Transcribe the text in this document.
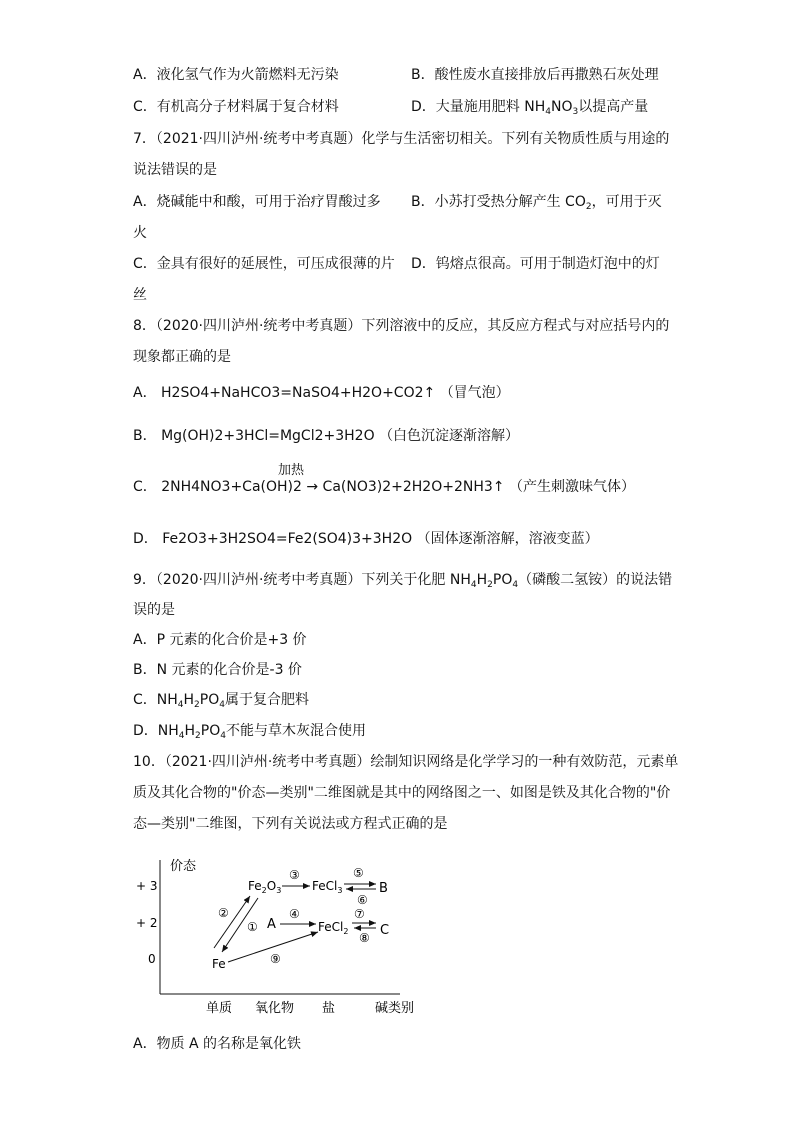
A．液化氢气作为火箭燃料无污染	B．酸性废水直接排放后再撒熟石灰处理
C．有机高分子材料属于复合材料	D．大量施用肥料 $NH_4NO_3$以提高产量
7．（2021·四川泸州·统考中考真题）化学与生活密切相关。下列有关物质性质与用途的
说法错误的是
A．烧碱能中和酸，可用于治疗胃酸过多 B．小苏打受热分解产生 $CO_2$，可用于灭
火
C．金具有很好的延展性，可压成很薄的片 D．钨熔点很高。可用于制造灯泡中的灯
丝
8．（2020·四川泸州·统考中考真题）下列溶液中的反应，其反应方程式与对应括号内的
现象都正确的是
A． H2SO4+NaHCO3=NaSO4+H2O+CO2↑ （冒气泡）
B． Mg(OH)2+3HCl=MgCl2+3H2O （白色沉淀逐渐溶解）
加热
C． 2NH4NO3+Ca(OH)2 → Ca(NO3)2+2H2O+2NH3↑ （产生刺激味气体）
D． Fe2O3+3H2SO4=Fe2(SO4)3+3H2O （固体逐渐溶解，溶液变蓝）
9．（2020·四川泸州·统考中考真题）下列关于化肥 $NH_4H_2PO_4$（磷酸二氢铵）的说法错
误的是
A．P 元素的化合价是+3 价
B．N 元素的化合价是-3 价
C．$NH_4H_2PO_4$属于复合肥料
D．$NH_4H_2PO_4$不能与草木灰混合使用
10．（2021·四川泸州·统考中考真题）绘制知识网络是化学学习的一种有效防范，元素单
质及其化合物的"价态—类别"二维图就是其中的网络图之一、如图是铁及其化合物的"价
态—类别"二维图，下列有关说法或方程式正确的是
价态
+ 3
+ 2
0
单质 氧化物 盐	碱类别
$Fe_2O_3$	FeCl$_3$	B
A	FeCl$_2$ C
Fe
①
②
③
④
⑤
⑥
⑦
⑧
⑨
A．物质 A 的名称是氧化铁
